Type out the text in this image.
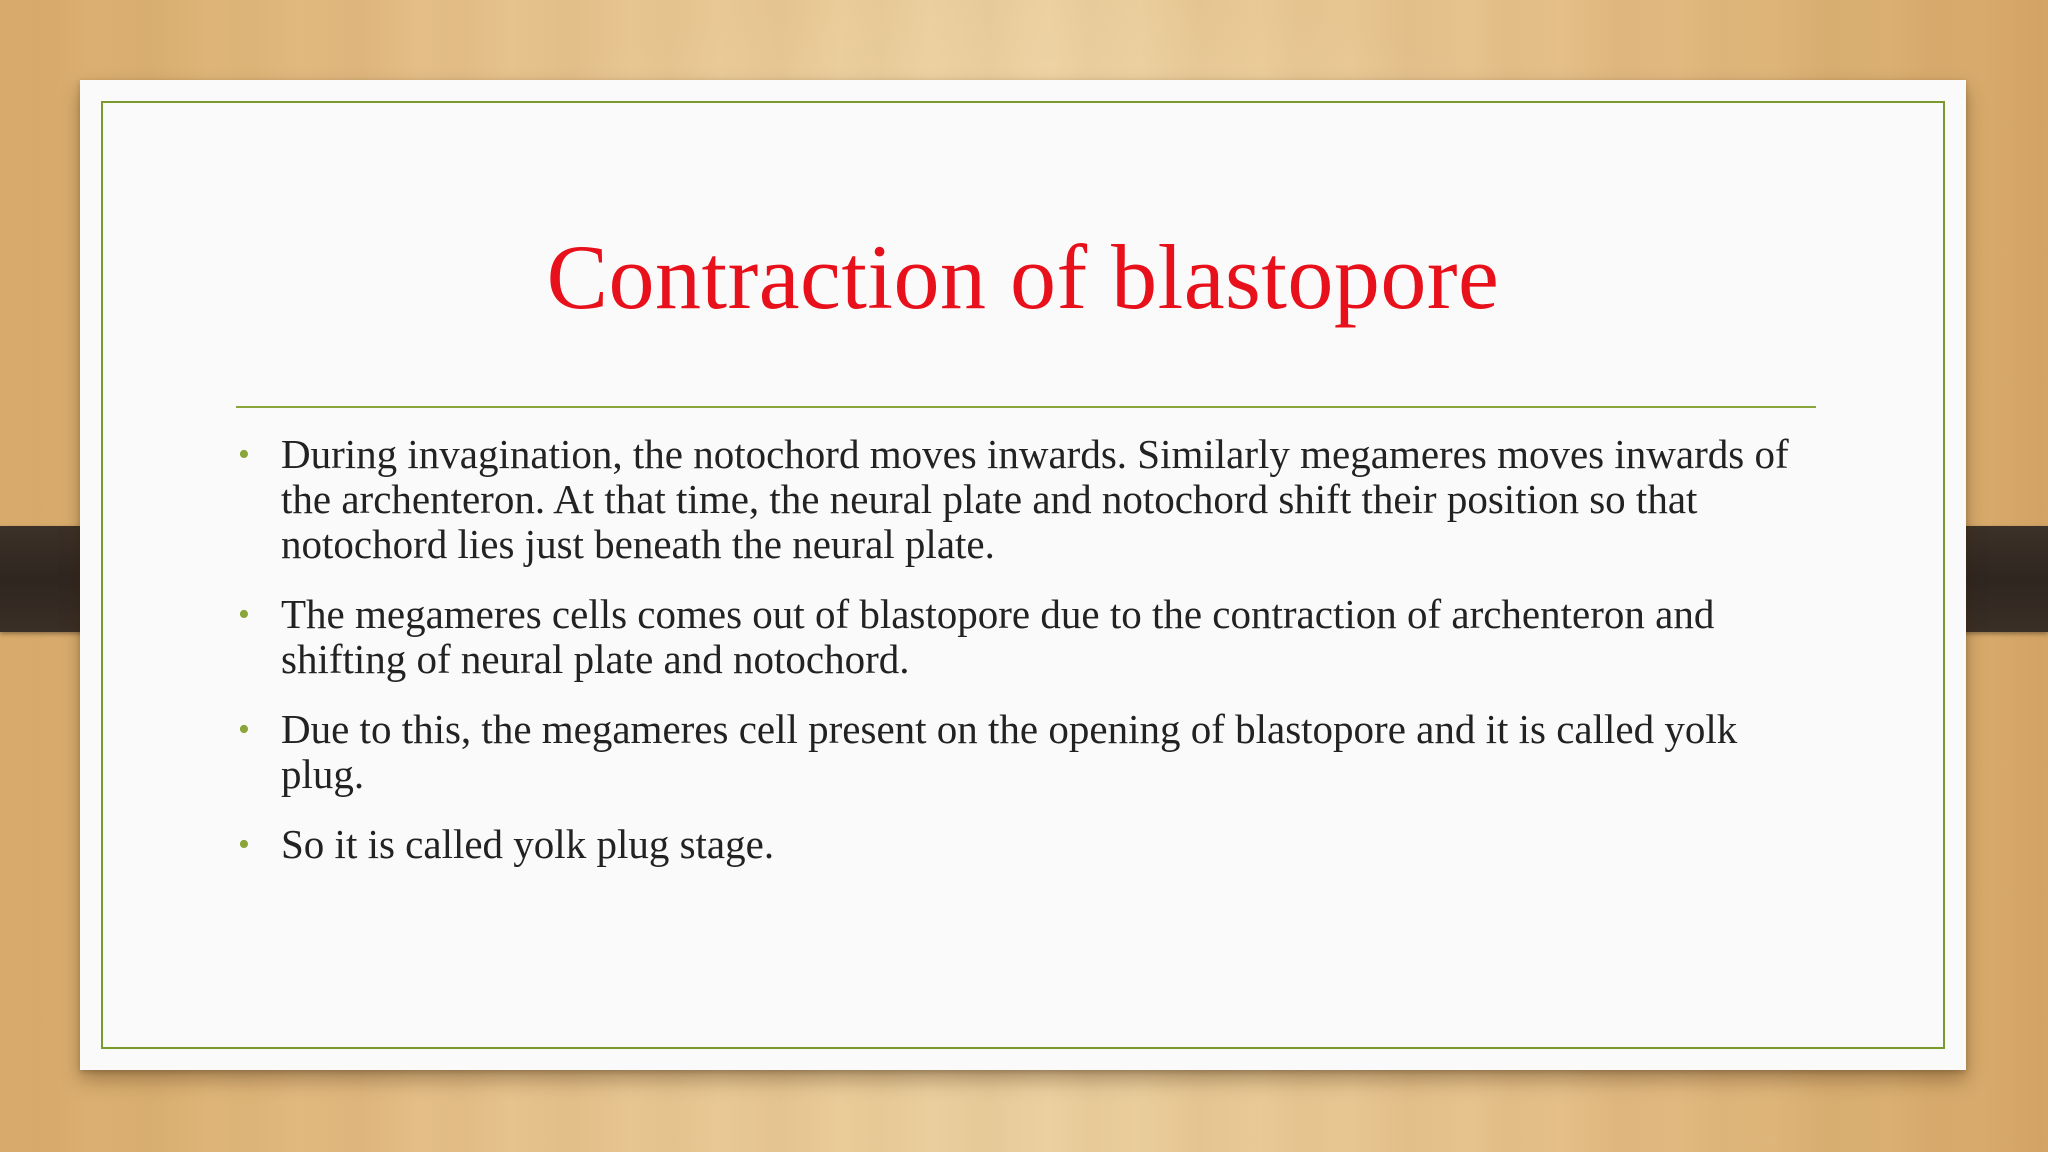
Contraction of blastopore
• During invagination, the notochord moves inwards. Similarly megameres moves inwards of the archenteron. At that time, the neural plate and notochord shift their position so that notochord lies just beneath the neural plate.
• The megameres cells comes out of blastopore due to the contraction of archenteron and shifting of neural plate and notochord.
• Due to this, the megameres cell present on the opening of blastopore and it is called yolk plug.
• So it is called yolk plug stage.
